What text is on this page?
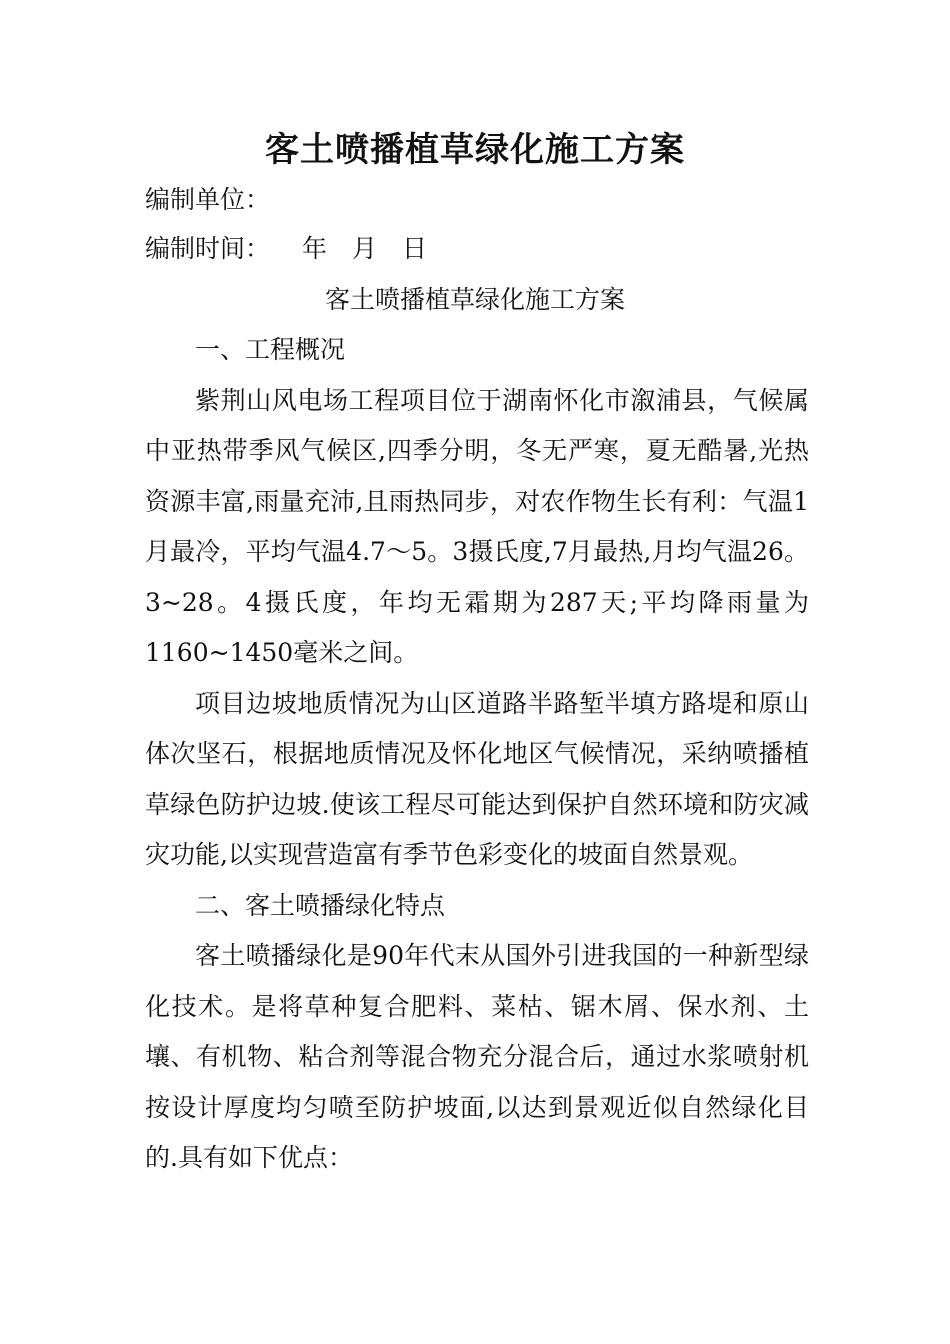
客土喷播植草绿化施工方案
编制单位：
编制时间： 年　月　日
客土喷播植草绿化施工方案

一、工程概况

紫荆山风电场工程项目位于湖南怀化市溆浦县，气候属中亚热带季风气候区,四季分明，冬无严寒，夏无酷暑,光热资源丰富,雨量充沛,且雨热同步，对农作物生长有利：气温1月最冷，平均气温4.7～5。3摄氏度,7月最热,月均气温26。3~28。4摄氏度，年均无霜期为287天;平均降雨量为1160~1450毫米之间。

项目边坡地质情况为山区道路半路堑半填方路堤和原山体次坚石，根据地质情况及怀化地区气候情况，采纳喷播植草绿色防护边坡.使该工程尽可能达到保护自然环境和防灾减灾功能,以实现营造富有季节色彩变化的坡面自然景观。

二、客土喷播绿化特点

客土喷播绿化是90年代末从国外引进我国的一种新型绿化技术。是将草种复合肥料、菜枯、锯木屑、保水剂、土壤、有机物、粘合剂等混合物充分混合后，通过水浆喷射机按设计厚度均匀喷至防护坡面,以达到景观近似自然绿化目的.具有如下优点：
